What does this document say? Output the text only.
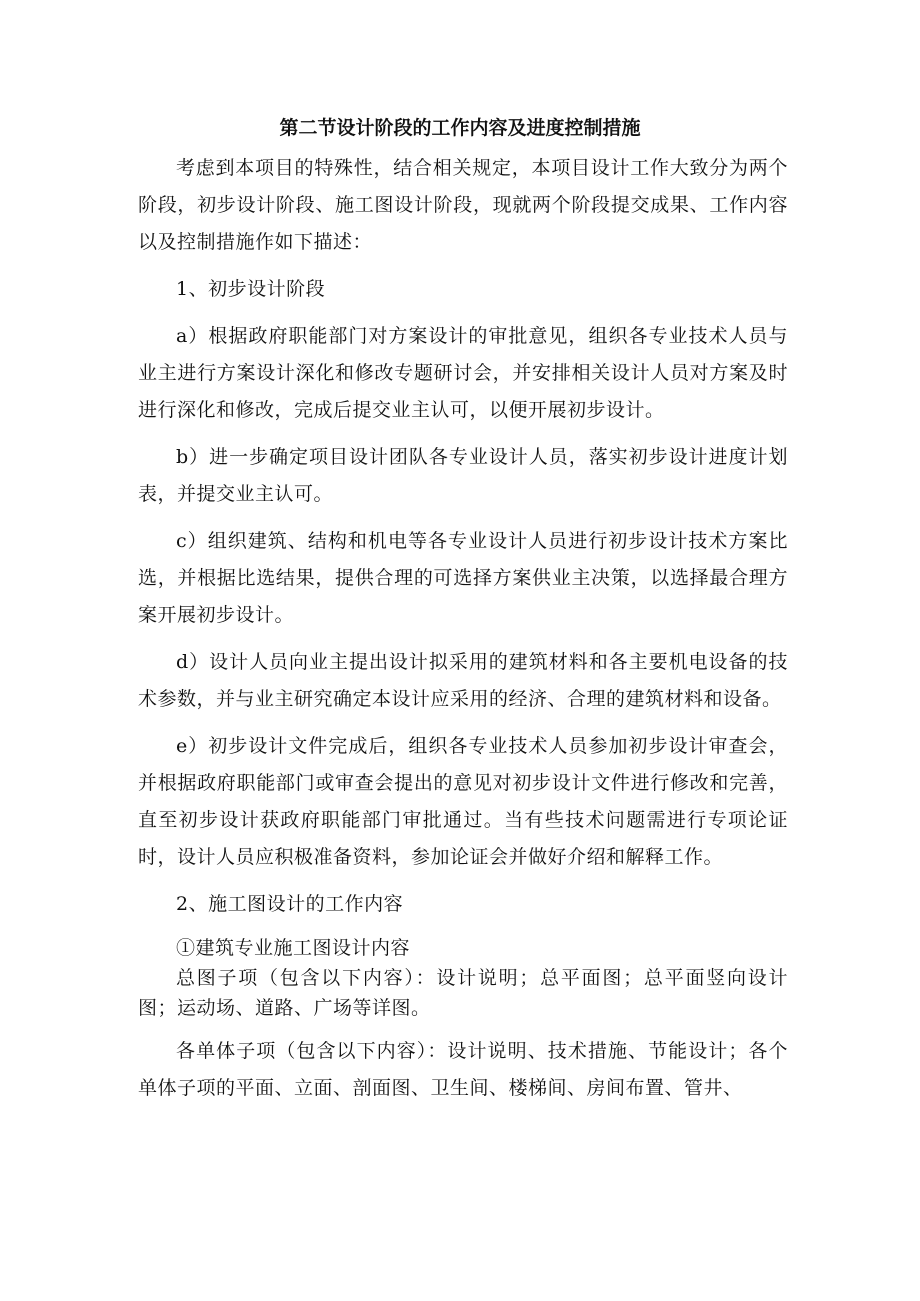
第二节设计阶段的工作内容及进度控制措施

考虑到本项目的特殊性，结合相关规定，本项目设计工作大致分为两个阶段，初步设计阶段、施工图设计阶段，现就两个阶段提交成果、工作内容以及控制措施作如下描述：

1、初步设计阶段

a）根据政府职能部门对方案设计的审批意见，组织各专业技术人员与业主进行方案设计深化和修改专题研讨会，并安排相关设计人员对方案及时进行深化和修改，完成后提交业主认可，以便开展初步设计。

b）进一步确定项目设计团队各专业设计人员，落实初步设计进度计划表，并提交业主认可。

c）组织建筑、结构和机电等各专业设计人员进行初步设计技术方案比选，并根据比选结果，提供合理的可选择方案供业主决策，以选择最合理方案开展初步设计。

d）设计人员向业主提出设计拟采用的建筑材料和各主要机电设备的技术参数，并与业主研究确定本设计应采用的经济、合理的建筑材料和设备。

e）初步设计文件完成后，组织各专业技术人员参加初步设计审查会，并根据政府职能部门或审查会提出的意见对初步设计文件进行修改和完善，直至初步设计获政府职能部门审批通过。当有些技术问题需进行专项论证时，设计人员应积极准备资料，参加论证会并做好介绍和解释工作。

2、施工图设计的工作内容

①建筑专业施工图设计内容

总图子项（包含以下内容）：设计说明；总平面图；总平面竖向设计图；运动场、道路、广场等详图。

各单体子项（包含以下内容）：设计说明、技术措施、节能设计；各个单体子项的平面、立面、剖面图、卫生间、楼梯间、房间布置、管井、
